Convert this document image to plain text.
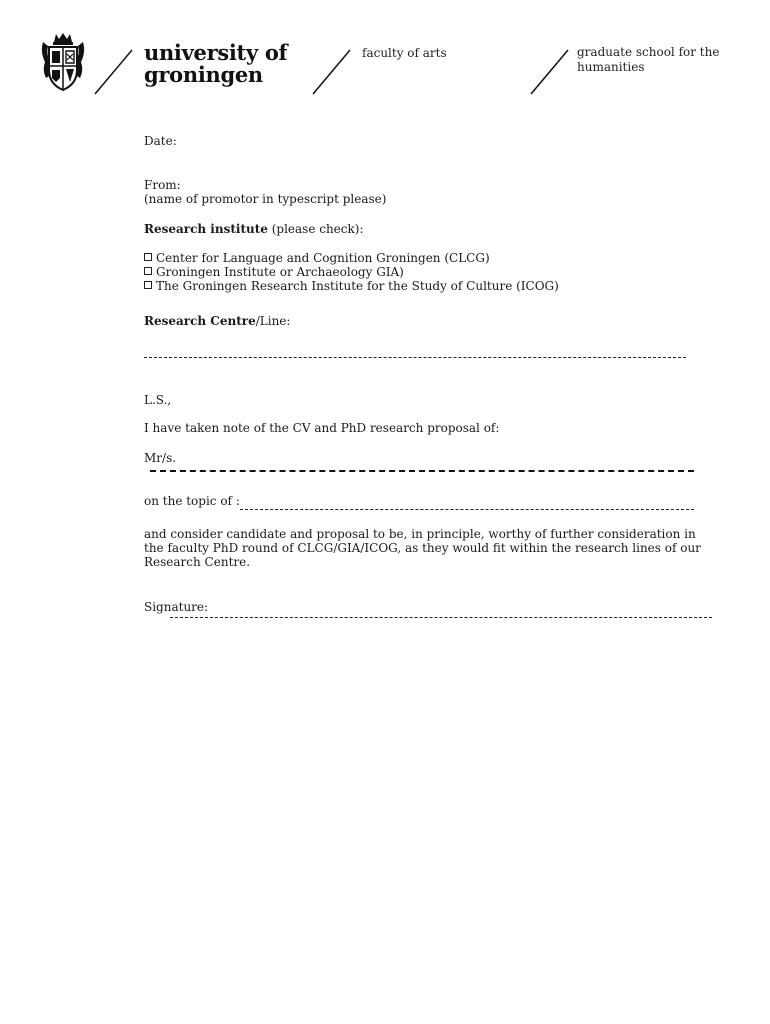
university of
groningen
faculty of arts	graduate school for the
humanities
Date:
From:
(name of promotor in typescript please)
Research institute (please check):
Center for Language and Cognition Groningen (CLCG)
Groningen Institute or Archaeology GIA)
The Groningen Research Institute for the Study of Culture (ICOG)
Research Centre/Line:
L.S.,
I have taken note of the CV and PhD research proposal of:
Mr/s.
on the topic of :
and consider candidate and proposal to be, in principle, worthy of further consideration in
the faculty PhD round of CLCG/GIA/ICOG, as they would fit within the research lines of our
Research Centre.
Signature:
